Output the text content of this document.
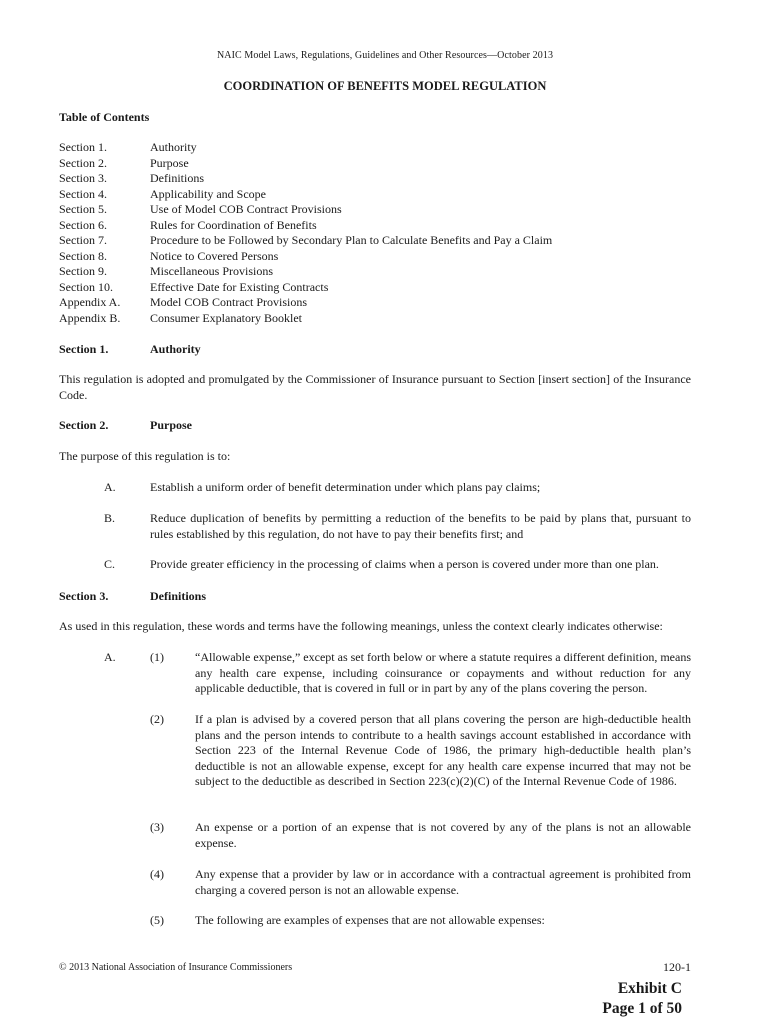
NAIC Model Laws, Regulations, Guidelines and Other Resources—October 2013
COORDINATION OF BENEFITS MODEL REGULATION
Table of Contents
Section 1.	Authority
Section 2.	Purpose
Section 3.	Definitions
Section 4.	Applicability and Scope
Section 5.	Use of Model COB Contract Provisions
Section 6.	Rules for Coordination of Benefits
Section 7.	Procedure to be Followed by Secondary Plan to Calculate Benefits and Pay a Claim
Section 8.	Notice to Covered Persons
Section 9.	Miscellaneous Provisions
Section 10.	Effective Date for Existing Contracts
Appendix A. Model COB Contract Provisions
Appendix B. Consumer Explanatory Booklet
Section 1.	Authority
This regulation is adopted and promulgated by the Commissioner of Insurance pursuant to Section [insert section] of the Insurance Code.
Section 2.	Purpose
The purpose of this regulation is to:
A.	Establish a uniform order of benefit determination under which plans pay claims;
B.	Reduce duplication of benefits by permitting a reduction of the benefits to be paid by plans that, pursuant to rules established by this regulation, do not have to pay their benefits first; and
C.	Provide greater efficiency in the processing of claims when a person is covered under more than one plan.
Section 3.	Definitions
As used in this regulation, these words and terms have the following meanings, unless the context clearly indicates otherwise:
A.	(1)	“Allowable expense,” except as set forth below or where a statute requires a different definition, means any health care expense, including coinsurance or copayments and without reduction for any applicable deductible, that is covered in full or in part by any of the plans covering the person.
(2)	If a plan is advised by a covered person that all plans covering the person are high-deductible health plans and the person intends to contribute to a health savings account established in accordance with Section 223 of the Internal Revenue Code of 1986, the primary high-deductible health plan’s deductible is not an allowable expense, except for any health care expense incurred that may not be subject to the deductible as described in Section 223(c)(2)(C) of the Internal Revenue Code of 1986.
(3)	An expense or a portion of an expense that is not covered by any of the plans is not an allowable expense.
(4)	Any expense that a provider by law or in accordance with a contractual agreement is prohibited from charging a covered person is not an allowable expense.
(5)	The following are examples of expenses that are not allowable expenses:
© 2013 National Association of Insurance Commissioners	120-1
Exhibit C
Page 1 of 50
